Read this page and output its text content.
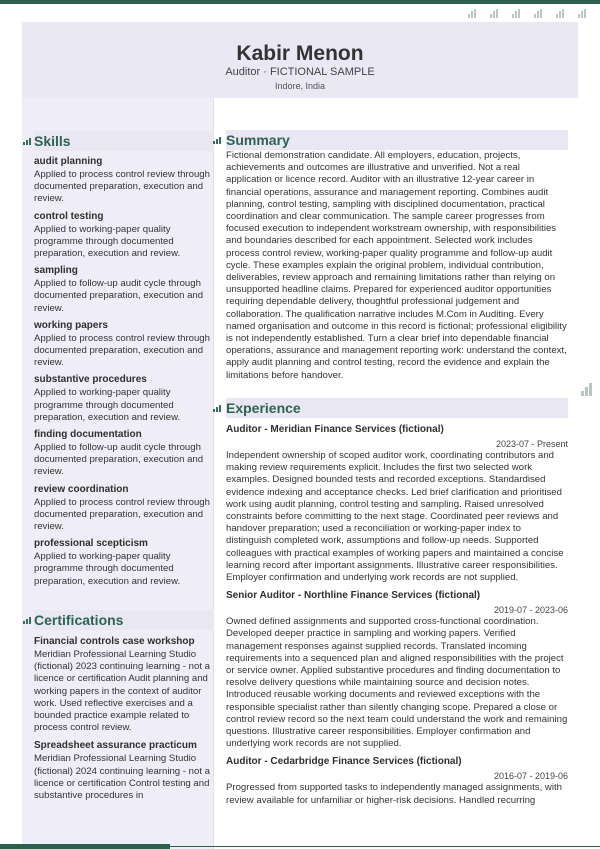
Kabir Menon
Auditor · FICTIONAL SAMPLE
Indore, India
Skills
audit planning
Applied to process control review through documented preparation, execution and review.
control testing
Applied to working-paper quality programme through documented preparation, execution and review.
sampling
Applied to follow-up audit cycle through documented preparation, execution and review.
working papers
Applied to process control review through documented preparation, execution and review.
substantive procedures
Applied to working-paper quality programme through documented preparation, execution and review.
finding documentation
Applied to follow-up audit cycle through documented preparation, execution and review.
review coordination
Applied to process control review through documented preparation, execution and review.
professional scepticism
Applied to working-paper quality programme through documented preparation, execution and review.
Certifications
Financial controls case workshop
Meridian Professional Learning Studio (fictional) 2023 continuing learning - not a licence or certification Audit planning and working papers in the context of auditor work. Used reflective exercises and a bounded practice example related to process control review.
Spreadsheet assurance practicum
Meridian Professional Learning Studio (fictional) 2024 continuing learning - not a licence or certification Control testing and substantive procedures in
Summary
Fictional demonstration candidate. All employers, education, projects, achievements and outcomes are illustrative and unverified. Not a real application or licence record. Auditor with an illustrative 12-year career in financial operations, assurance and management reporting. Combines audit planning, control testing, sampling with disciplined documentation, practical coordination and clear communication. The sample career progresses from focused execution to independent workstream ownership, with responsibilities and boundaries described for each appointment. Selected work includes process control review, working-paper quality programme and follow-up audit cycle. These examples explain the original problem, individual contribution, deliverables, review approach and remaining limitations rather than relying on unsupported headline claims. Prepared for experienced auditor opportunities requiring dependable delivery, thoughtful professional judgement and collaboration. The qualification narrative includes M.Com in Auditing. Every named organisation and outcome in this record is fictional; professional eligibility is not independently established. Turn a clear brief into dependable financial operations, assurance and management reporting work: understand the context, apply audit planning and control testing, record the evidence and explain the limitations before handover.
Experience
Auditor - Meridian Finance Services (fictional)
2023-07 - Present
Independent ownership of scoped auditor work, coordinating contributors and making review requirements explicit. Includes the first two selected work examples. Designed bounded tests and recorded exceptions. Standardised evidence indexing and acceptance checks. Led brief clarification and prioritised work using audit planning, control testing and sampling. Raised unresolved constraints before committing to the next stage. Coordinated peer reviews and handover preparation; used a reconciliation or working-paper index to distinguish completed work, assumptions and follow-up needs. Supported colleagues with practical examples of working papers and maintained a concise learning record after important assignments. Illustrative career responsibilities. Employer confirmation and underlying work records are not supplied.
Senior Auditor - Northline Finance Services (fictional)
2019-07 - 2023-06
Owned defined assignments and supported cross-functional coordination. Developed deeper practice in sampling and working papers. Verified management responses against supplied records. Translated incoming requirements into a sequenced plan and aligned responsibilities with the project or service owner. Applied substantive procedures and finding documentation to resolve delivery questions while maintaining source and decision notes. Introduced reusable working documents and reviewed exceptions with the responsible specialist rather than silently changing scope. Prepared a close or control review record so the next team could understand the work and remaining questions. Illustrative career responsibilities. Employer confirmation and underlying work records are not supplied.
Auditor - Cedarbridge Finance Services (fictional)
2016-07 - 2019-06
Progressed from supported tasks to independently managed assignments, with review available for unfamiliar or higher-risk decisions. Handled recurring
